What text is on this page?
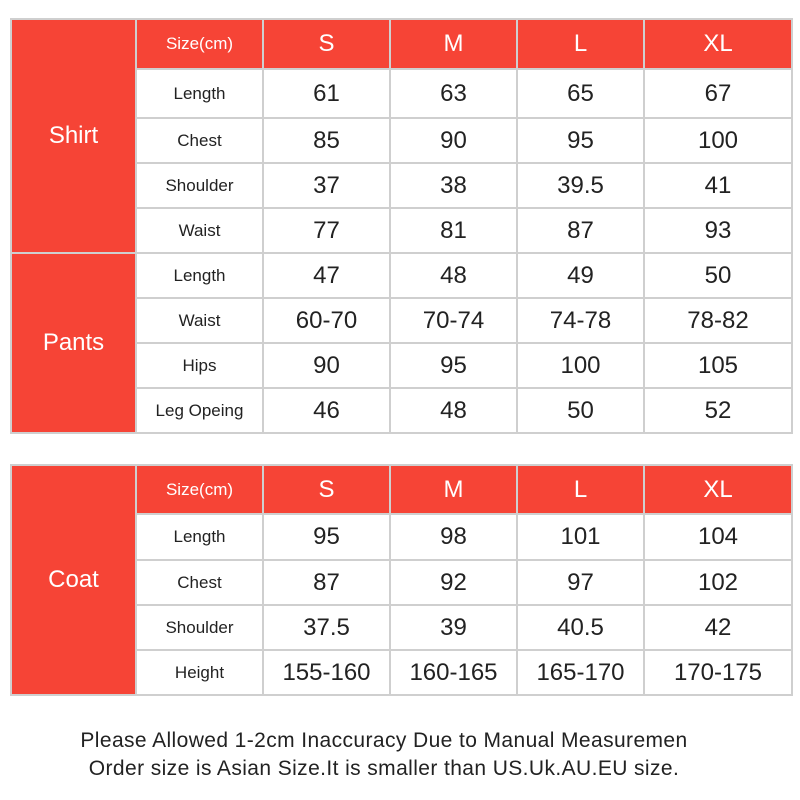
Shirt	Size(cm)	S	M	L	XL
	Length	61	63	65	67
	Chest	85	90	95	100
	Shoulder	37	38	39.5	41
	Waist	77	81	87	93
Pants	Length	47	48	49	50
	Waist	60-70	70-74	74-78	78-82
	Hips	90	95	100	105
	Leg Opeing	46	48	50	52
Coat	Size(cm)	S	M	L	XL
	Length	95	98	101	104
	Chest	87	92	97	102
	Shoulder	37.5	39	40.5	42
	Height	155-160	160-165	165-170	170-175
Please Allowed 1-2cm Inaccuracy Due to Manual Measuremen
Order size is Asian Size.It is smaller than US.Uk.AU.EU size.
